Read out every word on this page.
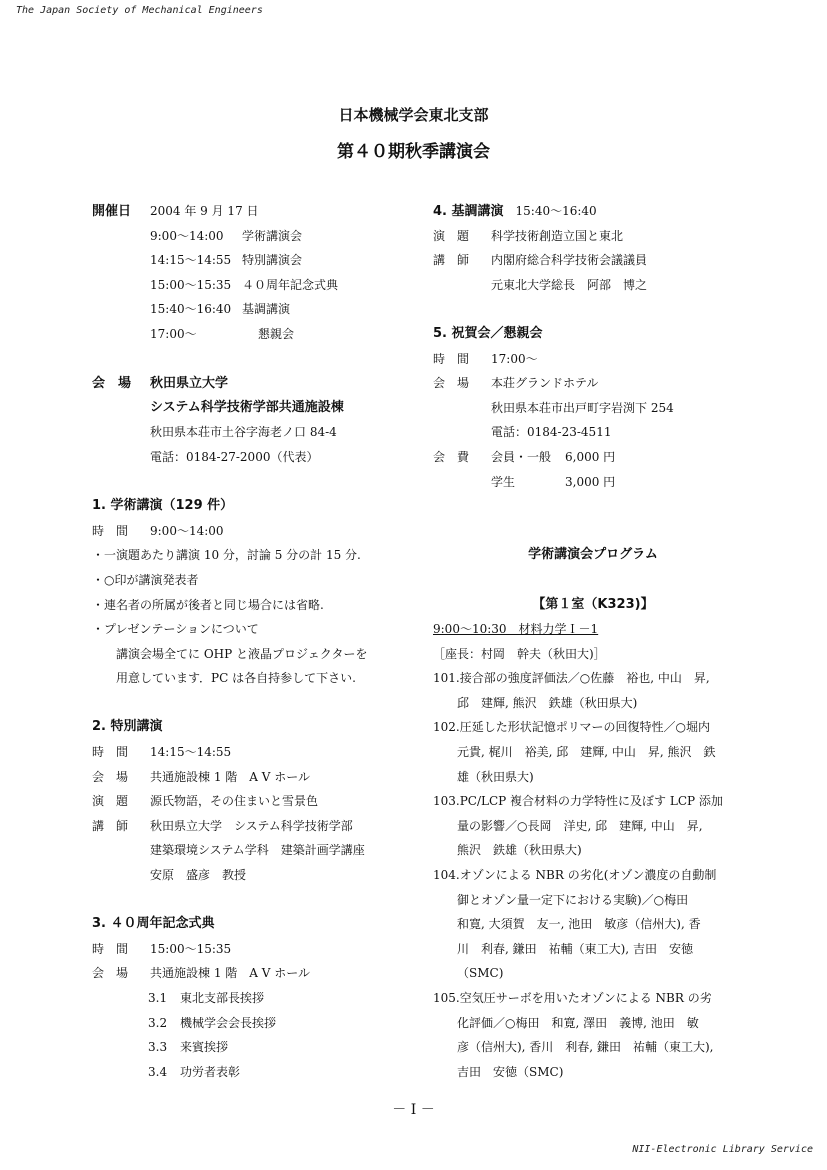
The Japan Society of Mechanical Engineers
日本機械学会東北支部
第４０期秋季講演会
開催日 2004 年 9 月 17 日
9:00～14:00 学術講演会
14:15～14:55 特別講演会
15:00～15:35 ４０周年記念式典
15:40～16:40 基調講演
17:00～	懇親会
会　場 秋田県立大学
システム科学技術学部共通施設棟
秋田県本荘市土谷字海老ノ口 84-4
電話：0184-27-2000（代表）
1. 学術講演（129 件）
時　間 9:00～14:00
・一演題あたり講演 10 分，討論 5 分の計 15 分.
・○印が講演発表者
・連名者の所属が後者と同じ場合には省略.
・プレゼンテーションについて
講演会場全てに OHP と液晶プロジェクターを
用意しています．PC は各自持参して下さい.
2. 特別講演
時　間 14:15～14:55
会　場 共通施設棟 1 階　A V ホール
演　題 源氏物語，その住まいと雪景色
講　師 秋田県立大学　システム科学技術学部
建築環境システム学科　建築計画学講座
安原　盛彦　教授
3. ４０周年記念式典
時　間 15:00～15:35
会　場 共通施設棟 1 階　A V ホール
3.1 東北支部長挨拶
3.2 機械学会会長挨拶
3.3 来賓挨拶
3.4 功労者表彰
4. 基調講演 15:40～16:40
演　題 科学技術創造立国と東北
講　師 内閣府総合科学技術会議議員
元東北大学総長　阿部　博之
5. 祝賀会／懇親会
時　間 17:00～
会　場 本荘グランドホテル
秋田県本荘市出戸町字岩渕下 254
電話：0184-23-4511
会　費 会員・一般 6,000 円
学生	3,000 円
学術講演会プログラム
【第１室（K323)】
9:00～10:30　材料力学Ｉ－1
［座長：村岡　幹夫（秋田大)］
101.接合部の強度評価法／○佐藤　裕也, 中山　昇,
邱　建輝, 熊沢　鉄雄（秋田県大)
102.圧延した形状記憶ポリマーの回復特性／○堀内
元貴, 梶川　裕美, 邱　建輝, 中山　昇, 熊沢　鉄
雄（秋田県大)
103.PC/LCP 複合材料の力学特性に及ぼす LCP 添加
量の影響／○長岡　洋史, 邱　建輝, 中山　昇,
熊沢　鉄雄（秋田県大)
104.オゾンによる NBR の劣化(オゾン濃度の自動制
御とオゾン量一定下における実験)／○梅田
和寛, 大須賀　友一, 池田　敏彦（信州大), 香
川　利春, 鎌田　祐輔（東工大), 吉田　安徳
（SMC)
105.空気圧サーボを用いたオゾンによる NBR の劣
化評価／○梅田　和寛, 澤田　義博, 池田　敏
彦（信州大), 香川　利春, 鎌田　祐輔（東工大),
吉田　安徳（SMC)
－ I －
NII-Electronic Library Service
